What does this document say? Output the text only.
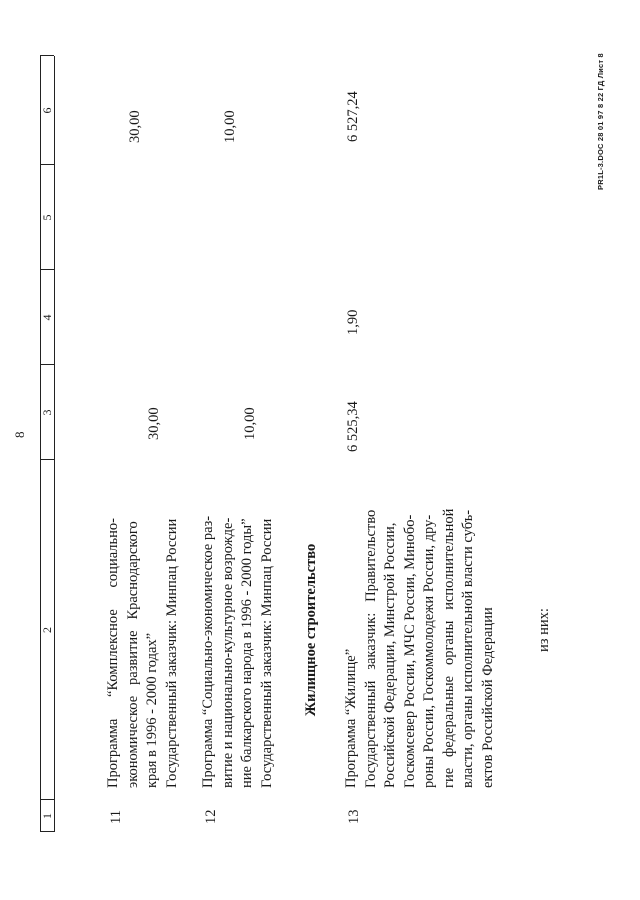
8
1
2
3
4
5
6
11
Программа      “Комплексное      социально- экономическое   развитие   Краснодарского края в 1996 - 2000 годах” Государственный заказчик: Минпац России
30,00
30,00
12
Программа “Социально-экономическое раз- витие и национально-культурное возрожде- ние балкарского народа в 1996 - 2000 годы” Государственный заказчик: Минпац России
10,00
10,00
Жилищное строительство
13
Программа “Жилище” Государственный   заказчик:   Правительство Российской Федерации, Минстрой России, Госкомсевер России, МЧС России, Минобо- роны России, Госкоммолодежи России, дру- гие   федеральные   органы   исполнительной власти, органы исполнительной власти субъ- ектов Российской Федерации
6 525,34
1,90
6 527,24
из них:
PR1L-3.DOC 28 01 97 8 22 ГД Лист 8
